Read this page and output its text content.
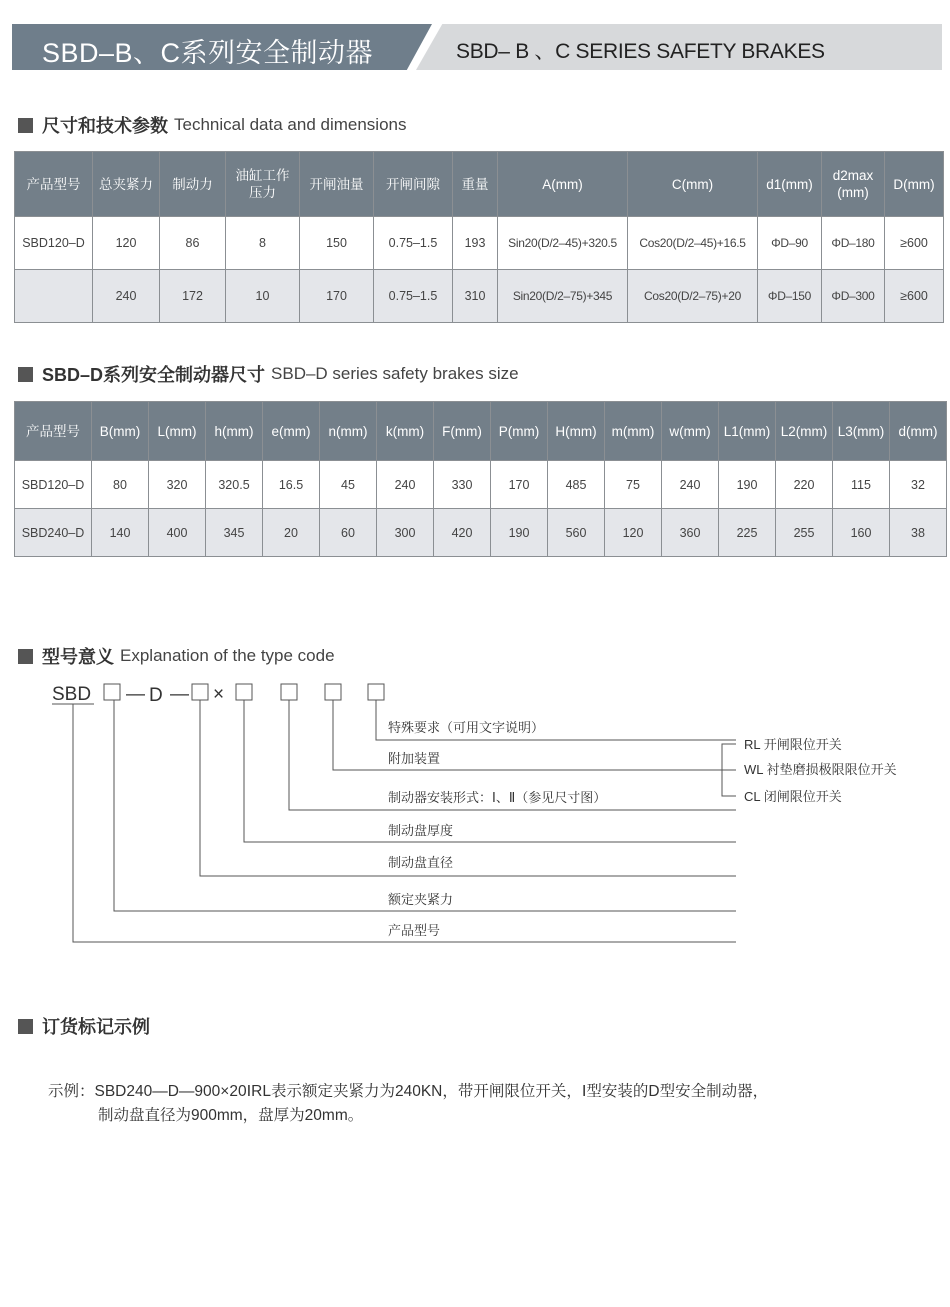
SBD–B、C系列安全制动器	SBD– B 、C SERIES SAFETY BRAKES
尺寸和技术参数 Technical data and dimensions
产品型号	总夹紧力	制动力	油缸工作压力	开闸油量	开闸间隙	重量	A(mm)	C(mm)	d1(mm)	d2max (mm)	D(mm)
SBD120–D	120	86	8	150	0.75–1.5	193	Sin20(D/2–45)+320.5	Cos20(D/2–45)+16.5	ΦD–90	ΦD–180	≥600
	240	172	10	170	0.75–1.5	310	Sin20(D/2–75)+345	Cos20(D/2–75)+20	ΦD–150	ΦD–300	≥600
SBD–D系列安全制动器尺寸 SBD–D series safety brakes size
产品型号	B(mm)	L(mm)	h(mm)	e(mm)	n(mm)	k(mm)	F(mm)	P(mm)	H(mm)	m(mm)	w(mm)	L1(mm)	L2(mm)	L3(mm)	d(mm)
SBD120–D	80	320	320.5	16.5	45	240	330	170	485	75	240	190	220	115	32
SBD240–D	140	400	345	20	60	300	420	190	560	120	360	225	255	160	38
型号意义 Explanation of the type code
SBD — D — ×
特殊要求（可用文字说明）
附加装置
制动器安装形式：Ⅰ、Ⅱ（参见尺寸图）
制动盘厚度
制动盘直径
额定夹紧力
产品型号
RL 开闸限位开关
WL 衬垫磨损极限限位开关
CL 闭闸限位开关
订货标记示例
示例：SBD240—D—900×20ⅠRL表示额定夹紧力为240KN，带开闸限位开关，Ⅰ型安装的D型安全制动器，
制动盘直径为900mm，盘厚为20mm。
